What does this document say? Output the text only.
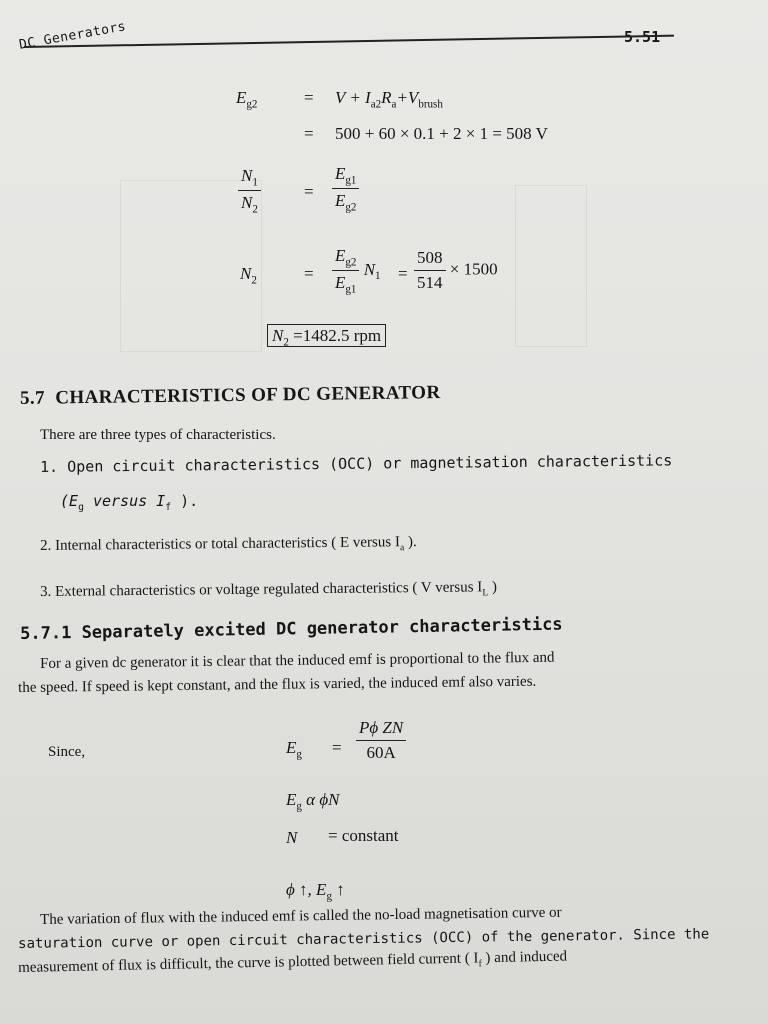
DC Generators	5.51
$E_{g2}$	= $V + I_{a2}R_a+V_{brush}$
= 500 + 60 × 0.1 + 2 × 1 = 508 V
$\frac{N_1}{N_2}$	= $\frac{E_{g1}}{E_{g2}}$
$N_2$	= $\frac{E_{g2}}{E_{g1}} N_1 = \frac{508}{514} \times 1500$
$N_2 =1482.5$ rpm
5.7 CHARACTERISTICS OF DC GENERATOR
There are three types of characteristics.
1. Open circuit characteristics (OCC) or magnetisation characteristics
($E_g$ versus $I_f$ ).
2. Internal characteristics or total characteristics ( E versus $I_a$ ).
3. External characteristics or voltage regulated characteristics ( V versus $I_L$ )
5.7.1 Separately excited DC generator characteristics
For a given dc generator it is clear that the induced emf is proportional to the flux and
the speed. If speed is kept constant, and the flux is varied, the induced emf also varies.
Since,	$E_g = \frac{\text{Pϕ ZN}}{60A}$
$E_g$ α ϕN
N = constant
ϕ ↑, $E_g$ ↑
The variation of flux with the induced emf is called the no-load magnetisation curve or
saturation curve or open circuit characteristics (OCC) of the generator. Since the
measurement of flux is difficult, the curve is plotted between field current ( $I_f$ ) and induced
